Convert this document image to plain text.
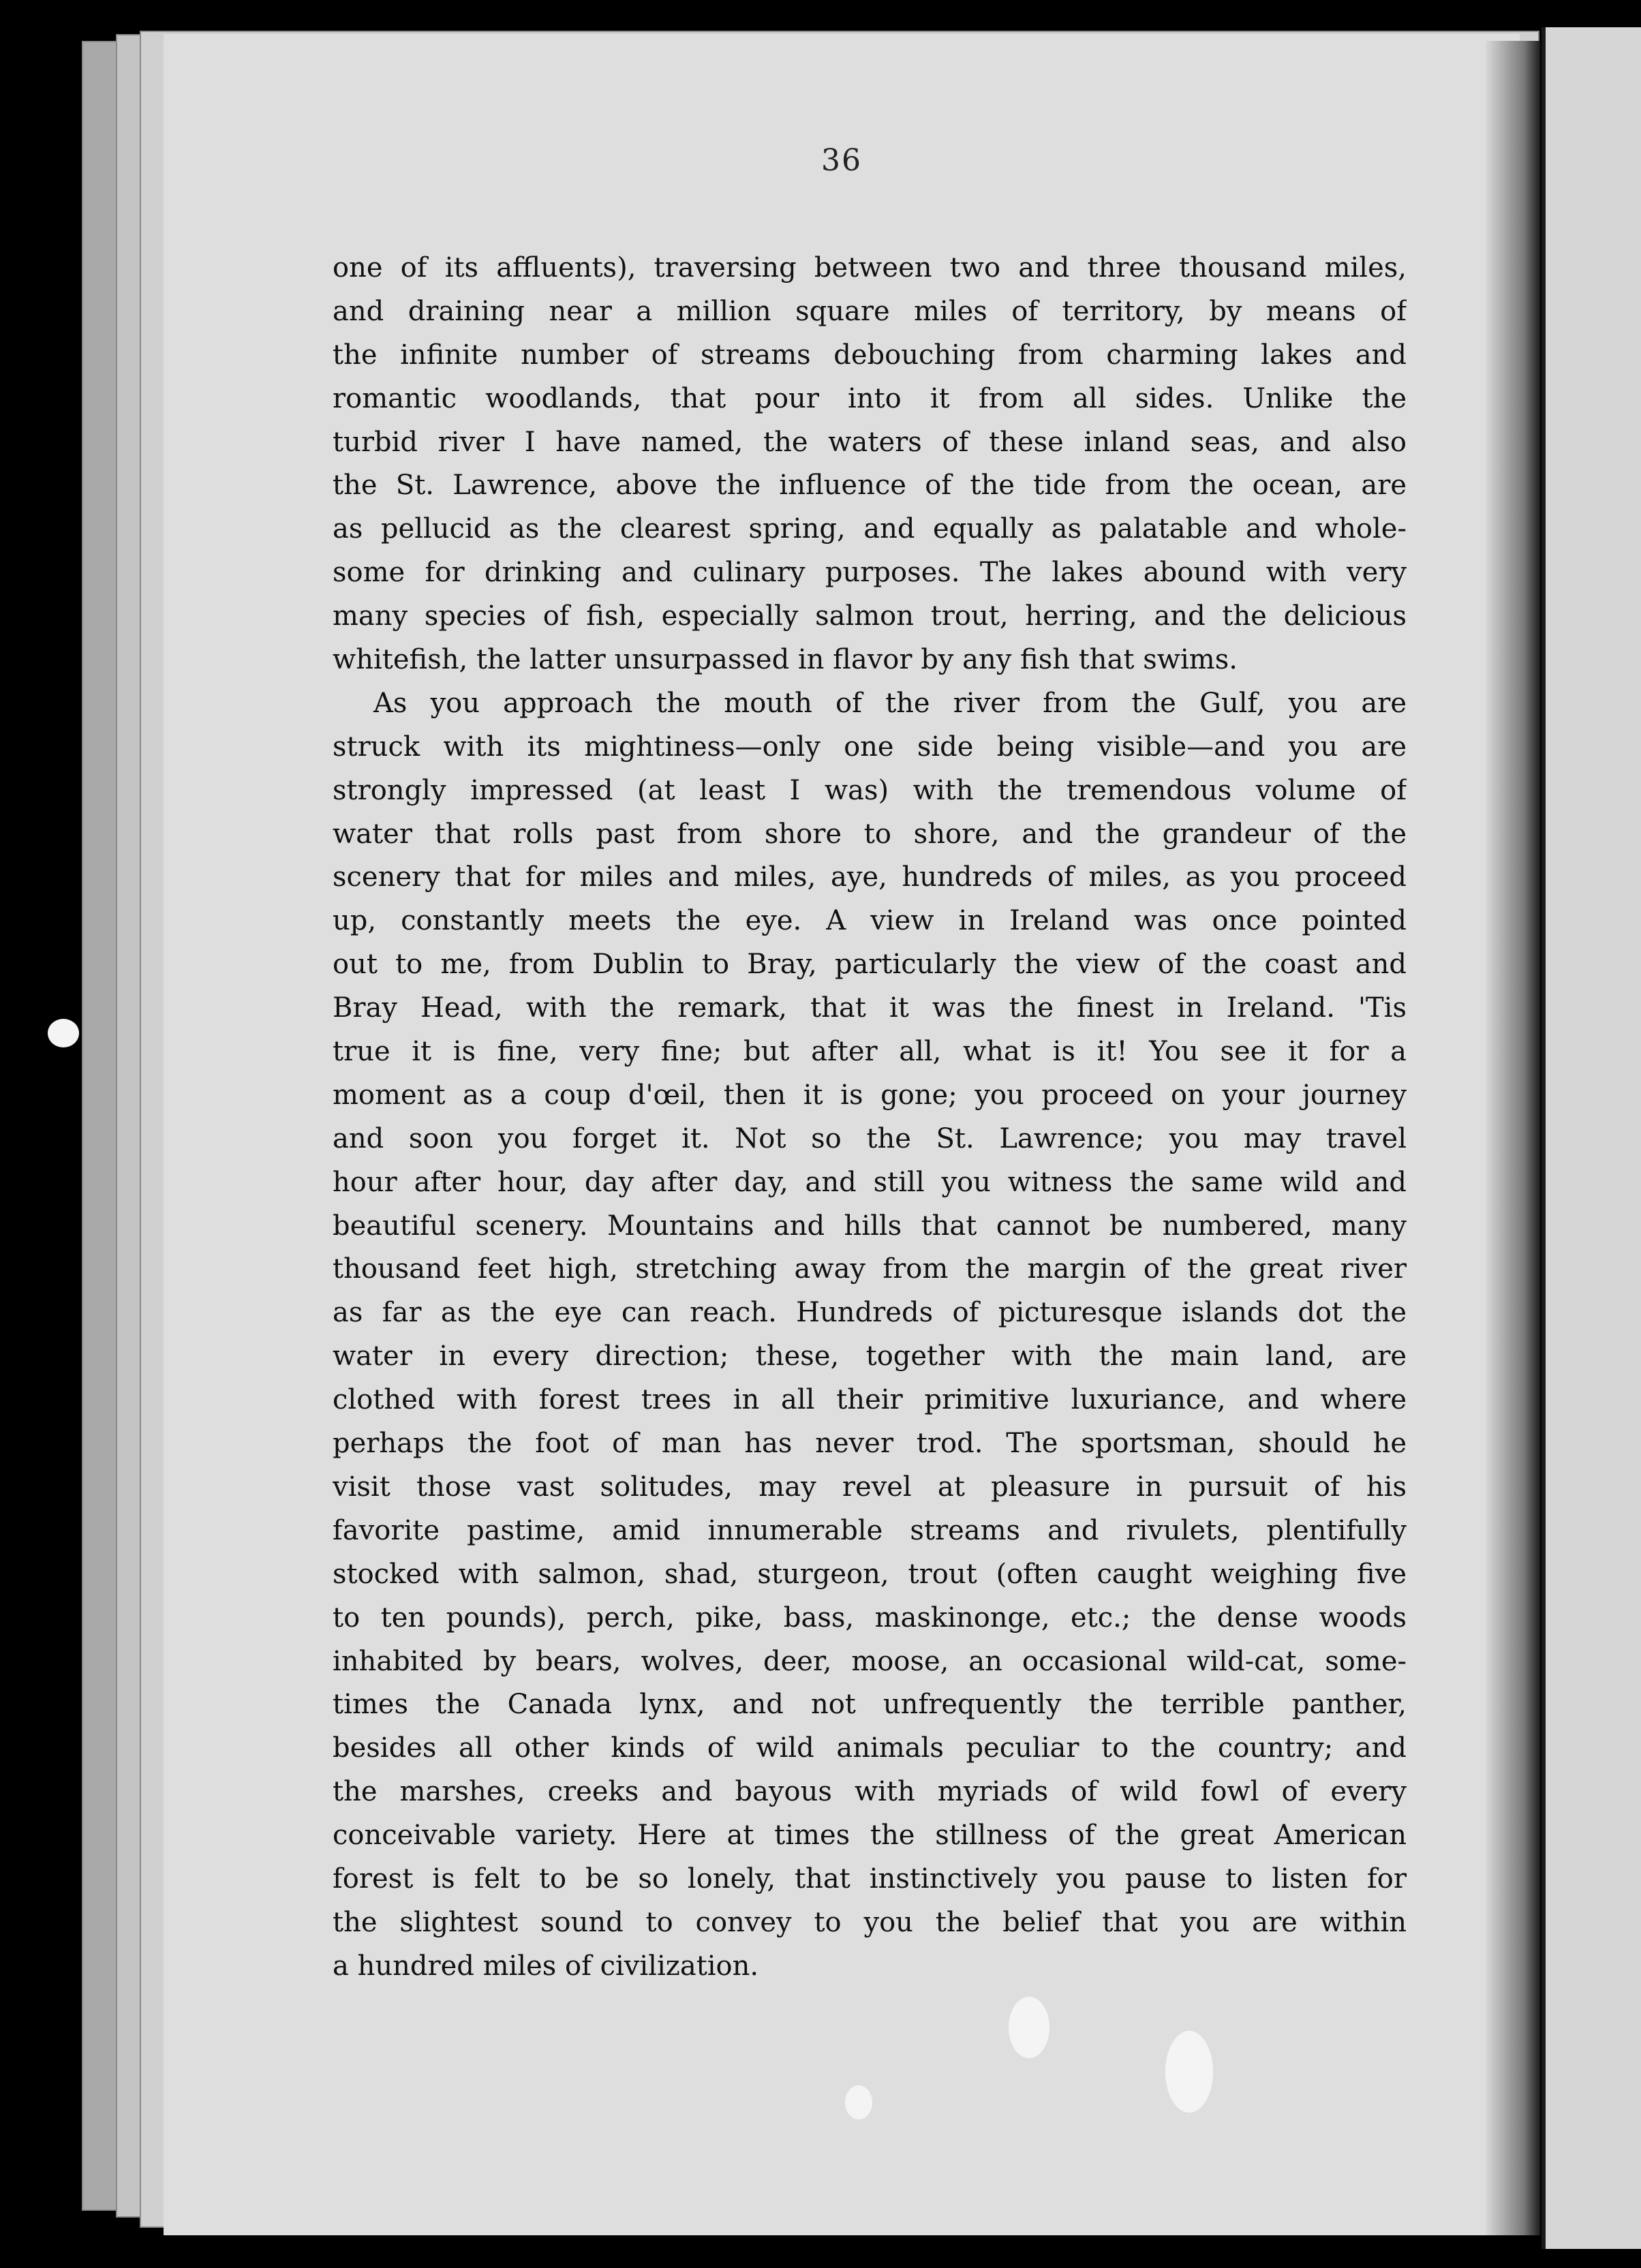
36
one of its affluents), traversing between two and three thousand miles,
and draining near a million square miles of territory, by means of
the infinite number of streams debouching from charming lakes and
romantic woodlands, that pour into it from all sides. Unlike the
turbid river I have named, the waters of these inland seas, and also
the St. Lawrence, above the influence of the tide from the ocean, are
as pellucid as the clearest spring, and equally as palatable and whole-
some for drinking and culinary purposes. The lakes abound with very
many species of fish, especially salmon trout, herring, and the delicious
whitefish, the latter unsurpassed in flavor by any fish that swims.
As you approach the mouth of the river from the Gulf, you are
struck with its mightiness—only one side being visible—and you are
strongly impressed (at least I was) with the tremendous volume of
water that rolls past from shore to shore, and the grandeur of the
scenery that for miles and miles, aye, hundreds of miles, as you proceed
up, constantly meets the eye. A view in Ireland was once pointed
out to me, from Dublin to Bray, particularly the view of the coast and
Bray Head, with the remark, that it was the finest in Ireland. 'Tis
true it is fine, very fine; but after all, what is it! You see it for a
moment as a coup d'œil, then it is gone; you proceed on your journey
and soon you forget it. Not so the St. Lawrence; you may travel
hour after hour, day after day, and still you witness the same wild and
beautiful scenery. Mountains and hills that cannot be numbered, many
thousand feet high, stretching away from the margin of the great river
as far as the eye can reach. Hundreds of picturesque islands dot the
water in every direction; these, together with the main land, are
clothed with forest trees in all their primitive luxuriance, and where
perhaps the foot of man has never trod. The sportsman, should he
visit those vast solitudes, may revel at pleasure in pursuit of his
favorite pastime, amid innumerable streams and rivulets, plentifully
stocked with salmon, shad, sturgeon, trout (often caught weighing five
to ten pounds), perch, pike, bass, maskinonge, etc.; the dense woods
inhabited by bears, wolves, deer, moose, an occasional wild-cat, some-
times the Canada lynx, and not unfrequently the terrible panther,
besides all other kinds of wild animals peculiar to the country; and
the marshes, creeks and bayous with myriads of wild fowl of every
conceivable variety. Here at times the stillness of the great American
forest is felt to be so lonely, that instinctively you pause to listen for
the slightest sound to convey to you the belief that you are within
a hundred miles of civilization.
